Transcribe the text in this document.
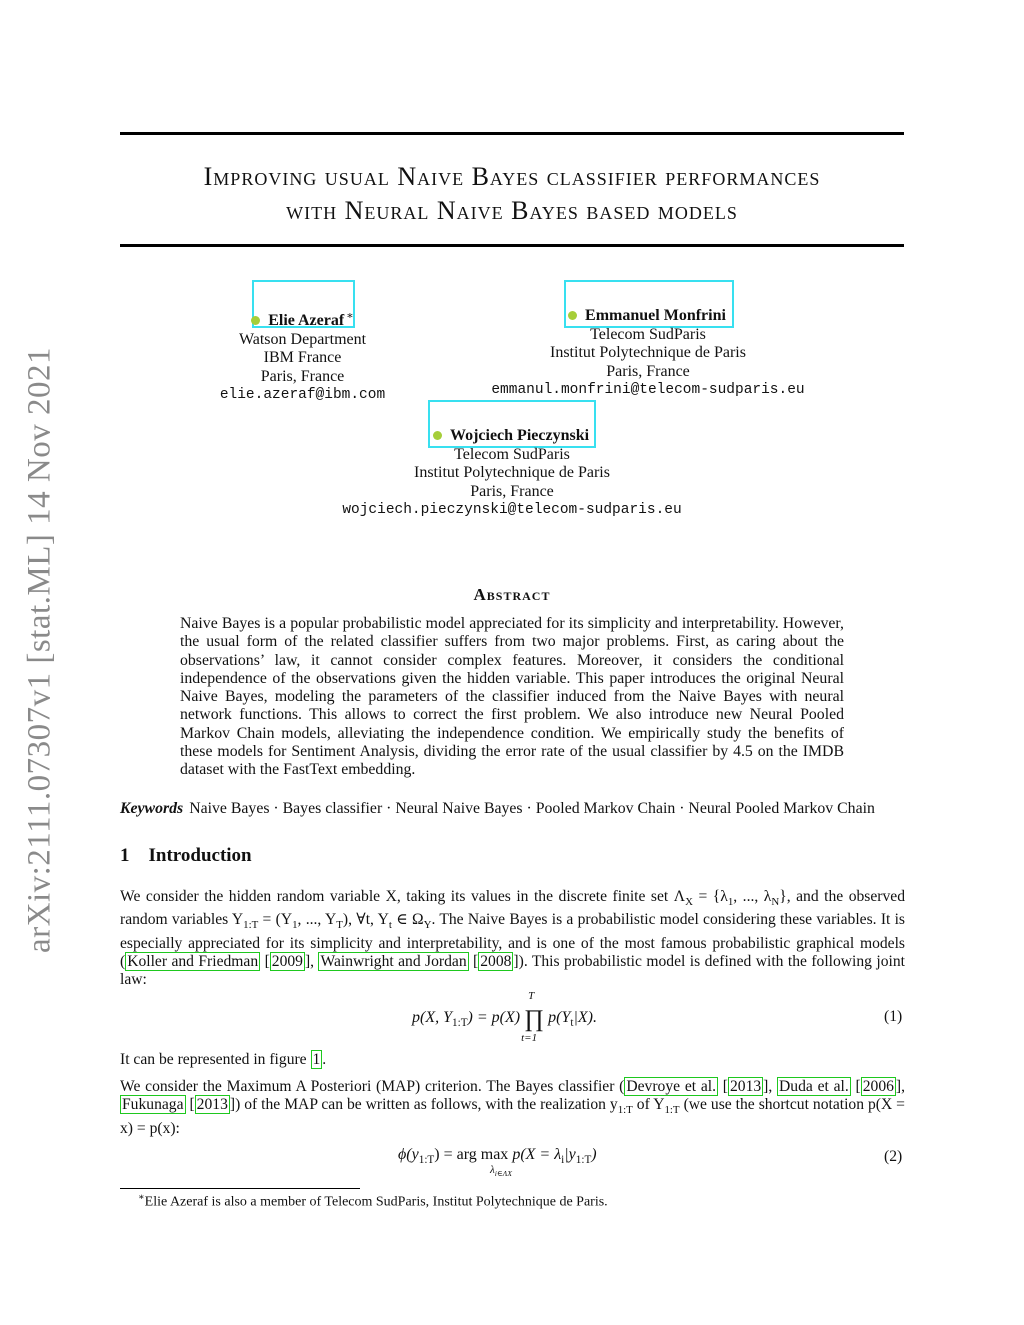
arXiv:2111.07307v1 [stat.ML] 14 Nov 2021
Improving usual Naive Bayes classifier performances
with Neural Naive Bayes based models
Elie Azeraf ∗
Watson Department
IBM France
Paris, France
elie.azeraf@ibm.com
Emmanuel Monfrini
Telecom SudParis
Institut Polytechnique de Paris
Paris, France
emmanul.monfrini@telecom-sudparis.eu
Wojciech Pieczynski
Telecom SudParis
Institut Polytechnique de Paris
Paris, France
wojciech.pieczynski@telecom-sudparis.eu
Abstract
Naive Bayes is a popular probabilistic model appreciated for its simplicity and interpretability. However, the usual form of the related classifier suffers from two major problems. First, as caring about the observations’ law, it cannot consider complex features. Moreover, it considers the conditional independence of the observations given the hidden variable. This paper introduces the original Neural Naive Bayes, modeling the parameters of the classifier induced from the Naive Bayes with neural network functions. This allows to correct the first problem. We also introduce new Neural Pooled Markov Chain models, alleviating the independence condition. We empirically study the benefits of these models for Sentiment Analysis, dividing the error rate of the usual classifier by 4.5 on the IMDB dataset with the FastText embedding.
Keywords Naive Bayes · Bayes classifier · Neural Naive Bayes · Pooled Markov Chain · Neural Pooled Markov Chain
1 Introduction
We consider the hidden random variable X, taking its values in the discrete finite set $\Lambda_X = \{\lambda_1$, ..., $\lambda_N$}, and the observed random variables $Y_{1:T} = (Y_1$, ..., $Y_T$), ∀t, $Y_t$ ∈ $\Omega_Y$. The Naive Bayes is a probabilistic model considering these variables. It is especially appreciated for its simplicity and interpretability, and is one of the most famous probabilistic graphical models ( Koller and Friedman [ 2009 ], Wainwright and Jordan [ 2008 ]). This probabilistic model is defined with the following joint law:
p(X, $Y_{1:T}) = p(X)$
T
∏
t=1
$p(Y_t|X)$.	(1)
It can be represented in figure 1 .
We consider the Maximum A Posteriori (MAP) criterion. The Bayes classifier ( Devroye et al. [ 2013 ], Duda et al. [ 2006 ], Fukunaga [ 2013 ]) of the MAP can be written as follows, with the realization $y_{1:T}$ of $Y_{1:T}$ (we use the shortcut notation p(X = x) = p(x):
$\phi(y_{1:T})$ = arg $\max p(X = \lambda_i|y_{1:T})$
$\lambda_{i\in\Lambda X}$
(2)
∗Elie Azeraf is also a member of Telecom SudParis, Institut Polytechnique de Paris.
